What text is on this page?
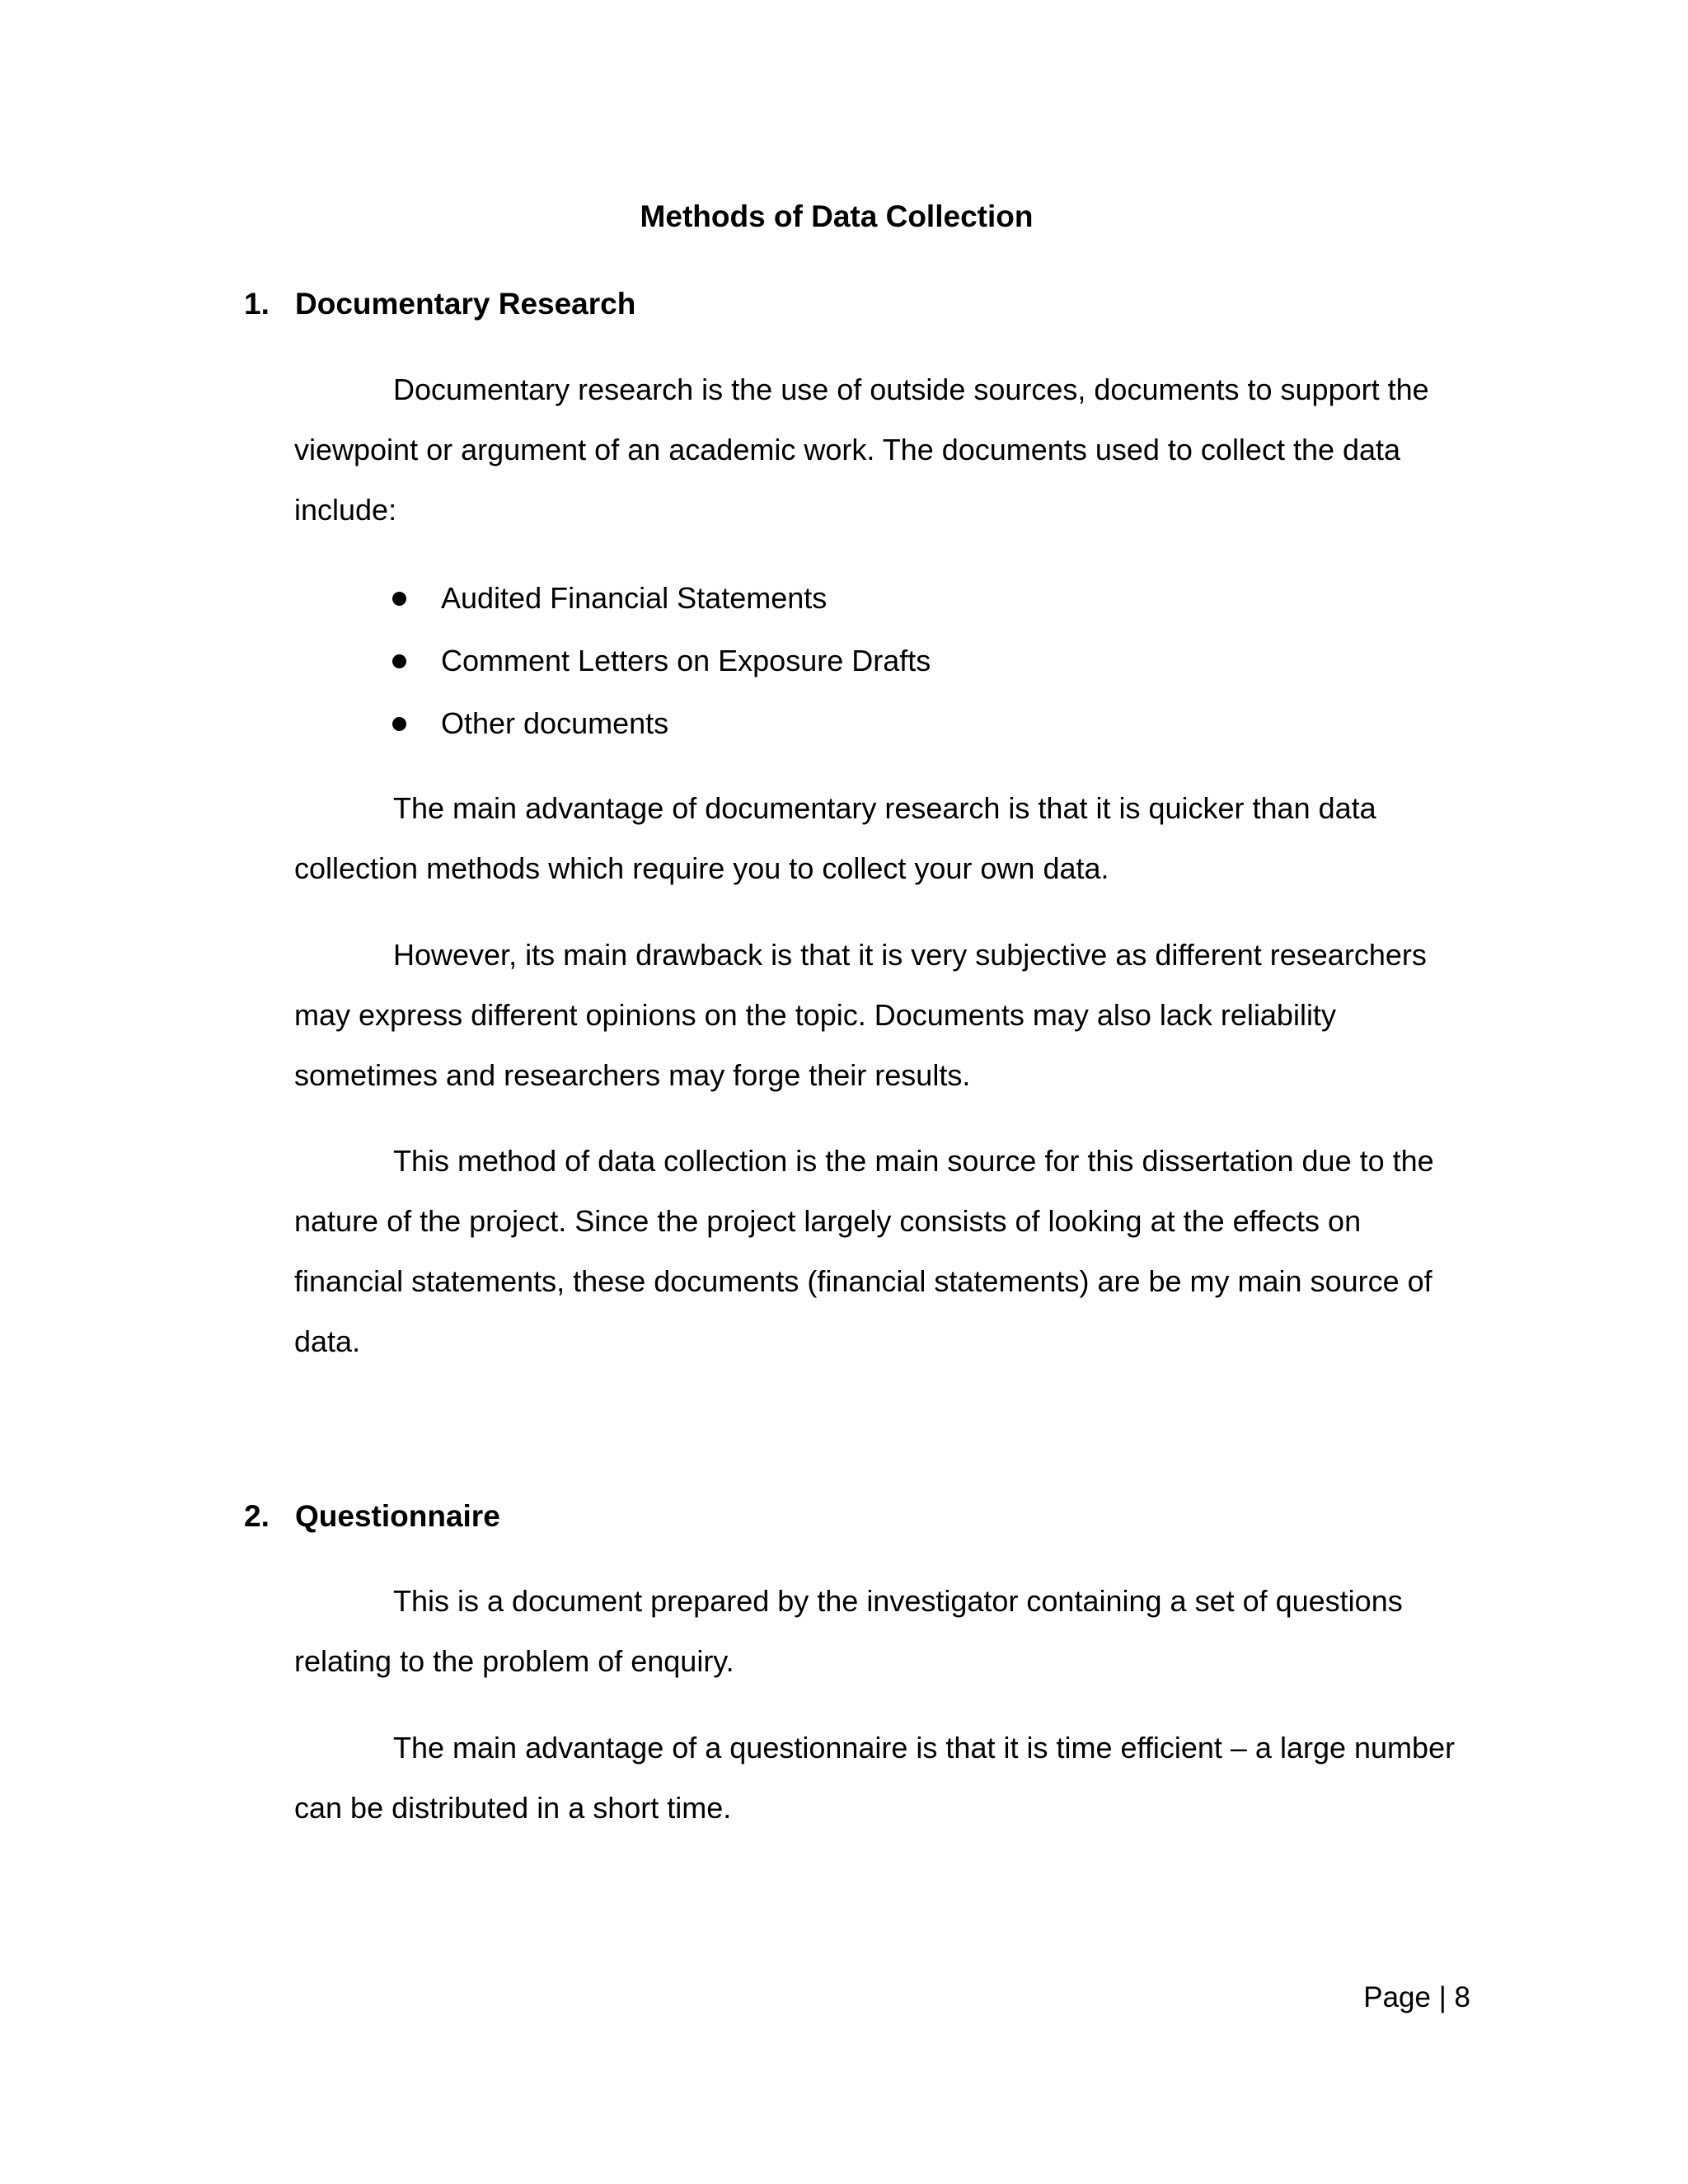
Methods of Data Collection
1. Documentary Research

Documentary research is the use of outside sources, documents to support the viewpoint or argument of an academic work. The documents used to collect the data include:

Audited Financial Statements
Comment Letters on Exposure Drafts
Other documents

The main advantage of documentary research is that it is quicker than data collection methods which require you to collect your own data.

However, its main drawback is that it is very subjective as different researchers may express different opinions on the topic. Documents may also lack reliability sometimes and researchers may forge their results.

This method of data collection is the main source for this dissertation due to the nature of the project. Since the project largely consists of looking at the effects on financial statements, these documents (financial statements) are be my main source of data.

2. Questionnaire

This is a document prepared by the investigator containing a set of questions relating to the problem of enquiry.

The main advantage of a questionnaire is that it is time efficient – a large number can be distributed in a short time.

Page | 8
